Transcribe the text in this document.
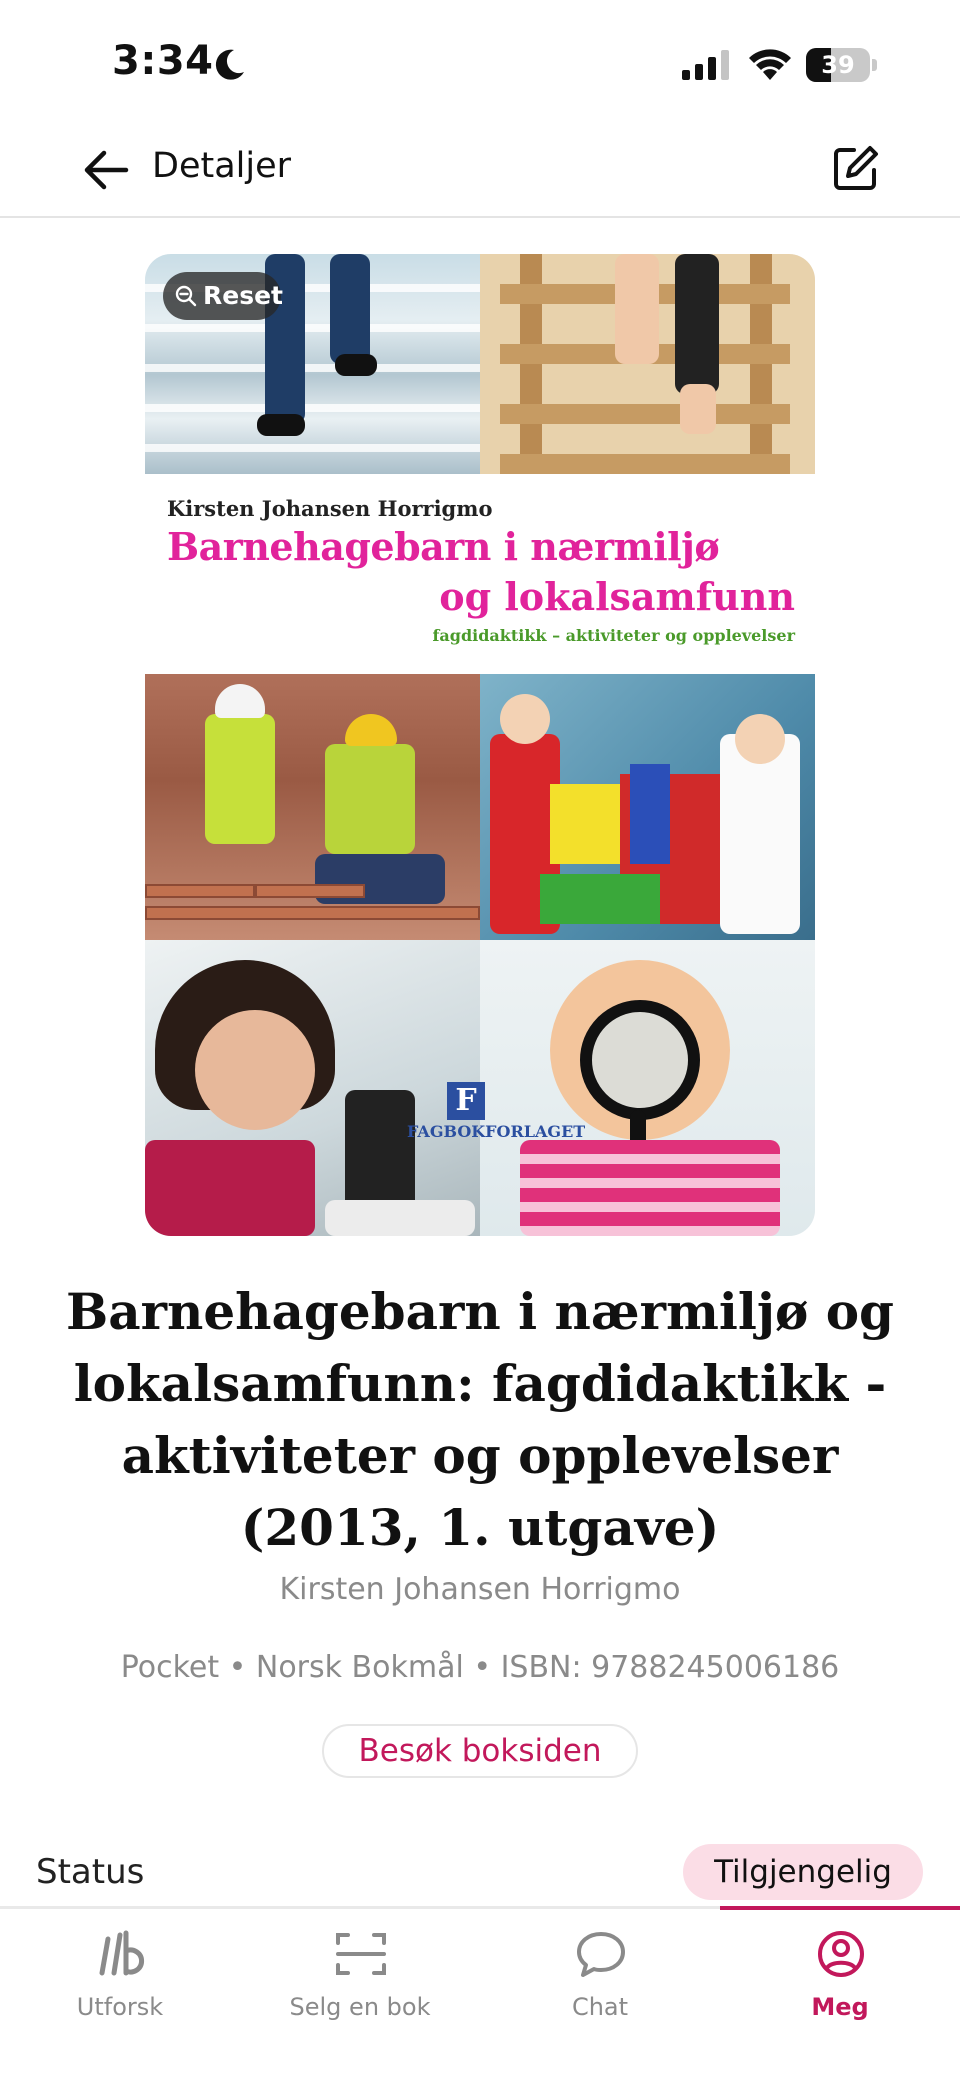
3:34	39
Detaljer
Kirsten Johansen Horrigmo
Barnehagebarn i nærmiljø
og lokalsamfunn
fagdidaktikk – aktiviteter og opplevelser
F
FAGBOKFORLAGET
Reset
Barnehagebarn i nærmiljø og lokalsamfunn: fagdidaktikk - aktiviteter og opplevelser (2013, 1. utgave)
Kirsten Johansen Horrigmo
Pocket • Norsk Bokmål • ISBN: 9788245006186
Besøk boksiden
Status	Tilgjengelig
Utforsk	Selg en bok	Chat	Meg
